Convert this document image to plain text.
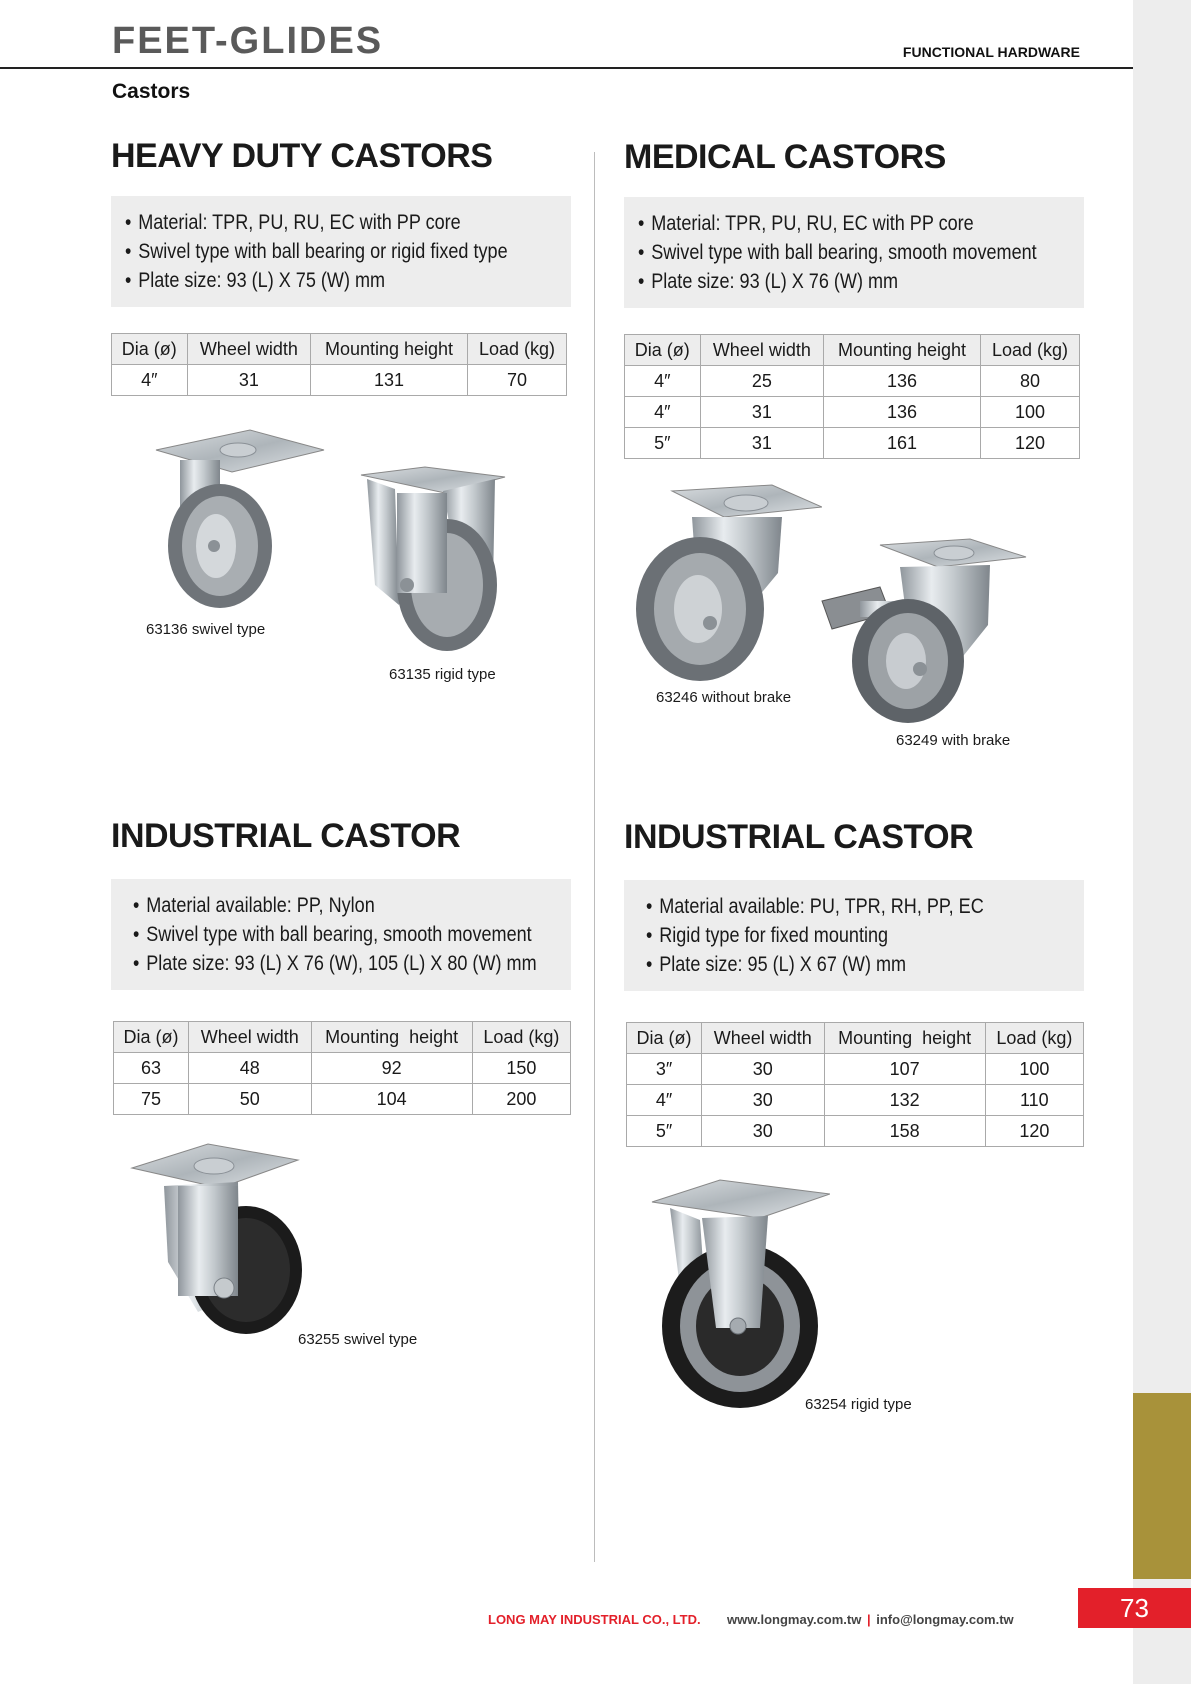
73
FEET-GLIDES	FUNCTIONAL HARDWARE
Castors
HEAVY DUTY CASTORS
• Material: TPR, PU, RU, EC with PP core
• Swivel type with ball bearing or rigid fixed type
• Plate size: 93 (L) X 75 (W) mm
Dia (ø)	Wheel width	Mounting height	Load (kg)
4″	31	131	70
63136 swivel type
63135 rigid type
MEDICAL CASTORS
• Material: TPR, PU, RU, EC with PP core
• Swivel type with ball bearing, smooth movement
• Plate size: 93 (L) X 76 (W) mm
Dia (ø)	Wheel width	Mounting height	Load (kg)
4″	25	136	80
4″	31	136	100
5″	31	161	120
63246 without brake
63249 with brake
INDUSTRIAL CASTOR
• Material available: PP, Nylon
• Swivel type with ball bearing, smooth movement
• Plate size: 93 (L) X 76 (W), 105 (L) X 80 (W) mm
Dia (ø)	Wheel width	Mounting  height	Load (kg)
63	48	92	150
75	50	104	200
63255 swivel type
INDUSTRIAL CASTOR
• Material available: PU, TPR, RH, PP, EC
• Rigid type for fixed mounting
• Plate size: 95 (L) X 67 (W) mm
Dia (ø)	Wheel width	Mounting  height	Load (kg)
3″	30	107	100
4″	30	132	110
5″	30	158	120
63254 rigid type
LONG MAY INDUSTRIAL CO., LTD. www.longmay.com.tw | info@longmay.com.tw
